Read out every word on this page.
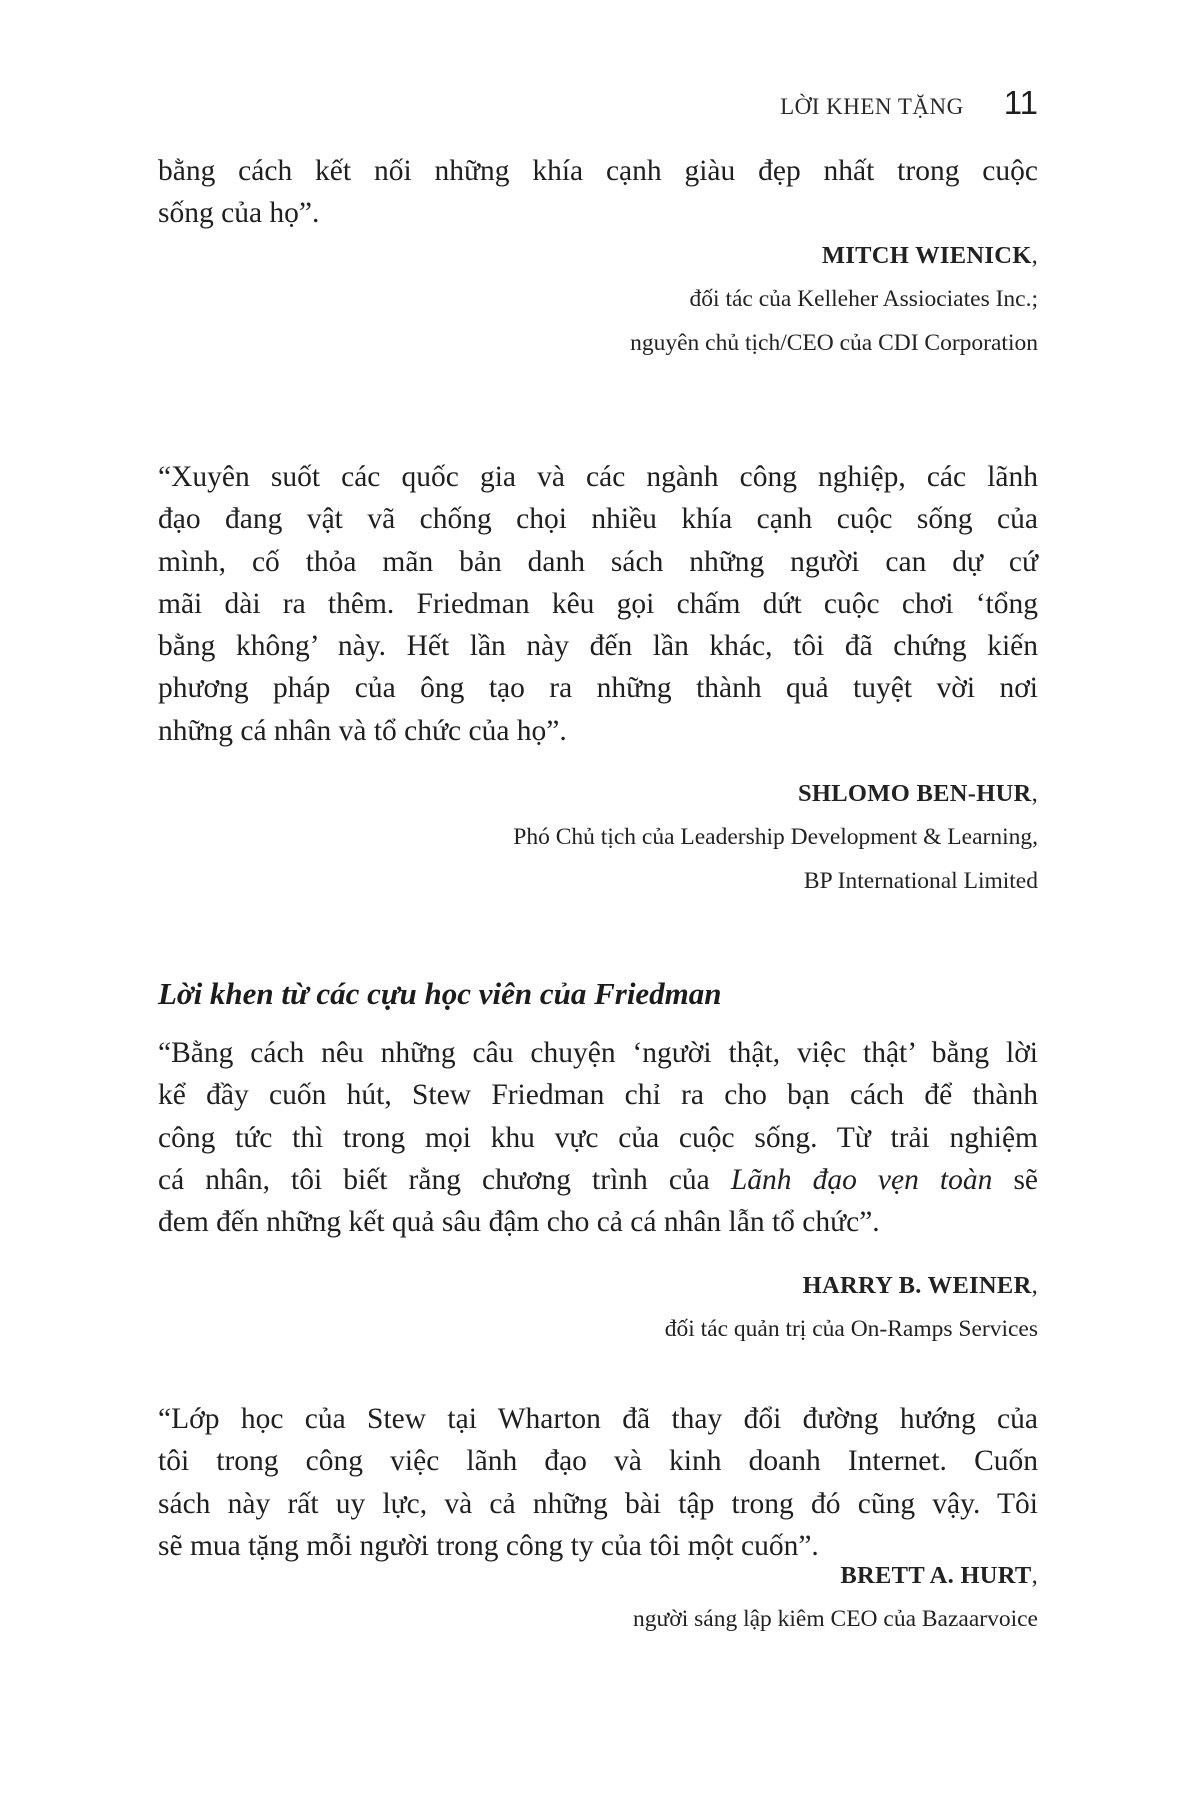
LỜI KHEN TẶNG 11
bằng cách kết nối những khía cạnh giàu đẹp nhất trong cuộc
sống của họ”.
MITCH WIENICK,
đối tác của Kelleher Assiociates Inc.;
nguyên chủ tịch/CEO của CDI Corporation
“Xuyên suốt các quốc gia và các ngành công nghiệp, các lãnh
đạo đang vật vã chống chọi nhiều khía cạnh cuộc sống của
mình, cố thỏa mãn bản danh sách những người can dự cứ
mãi dài ra thêm. Friedman kêu gọi chấm dứt cuộc chơi ‘tổng
bằng không’ này. Hết lần này đến lần khác, tôi đã chứng kiến
phương pháp của ông tạo ra những thành quả tuyệt vời nơi
những cá nhân và tổ chức của họ”.
SHLOMO BEN-HUR,
Phó Chủ tịch của Leadership Development & Learning,
BP International Limited
Lời khen từ các cựu học viên của Friedman
“Bằng cách nêu những câu chuyện ‘người thật, việc thật’ bằng lời
kể đầy cuốn hút, Stew Friedman chỉ ra cho bạn cách để thành
công tức thì trong mọi khu vực của cuộc sống. Từ trải nghiệm
cá nhân, tôi biết rằng chương trình của Lãnh đạo vẹn toàn sẽ
đem đến những kết quả sâu đậm cho cả cá nhân lẫn tổ chức”.
HARRY B. WEINER,
đối tác quản trị của On-Ramps Services
“Lớp học của Stew tại Wharton đã thay đổi đường hướng của
tôi trong công việc lãnh đạo và kinh doanh Internet. Cuốn
sách này rất uy lực, và cả những bài tập trong đó cũng vậy. Tôi
sẽ mua tặng mỗi người trong công ty của tôi một cuốn”.
BRETT A. HURT,
người sáng lập kiêm CEO của Bazaarvoice
